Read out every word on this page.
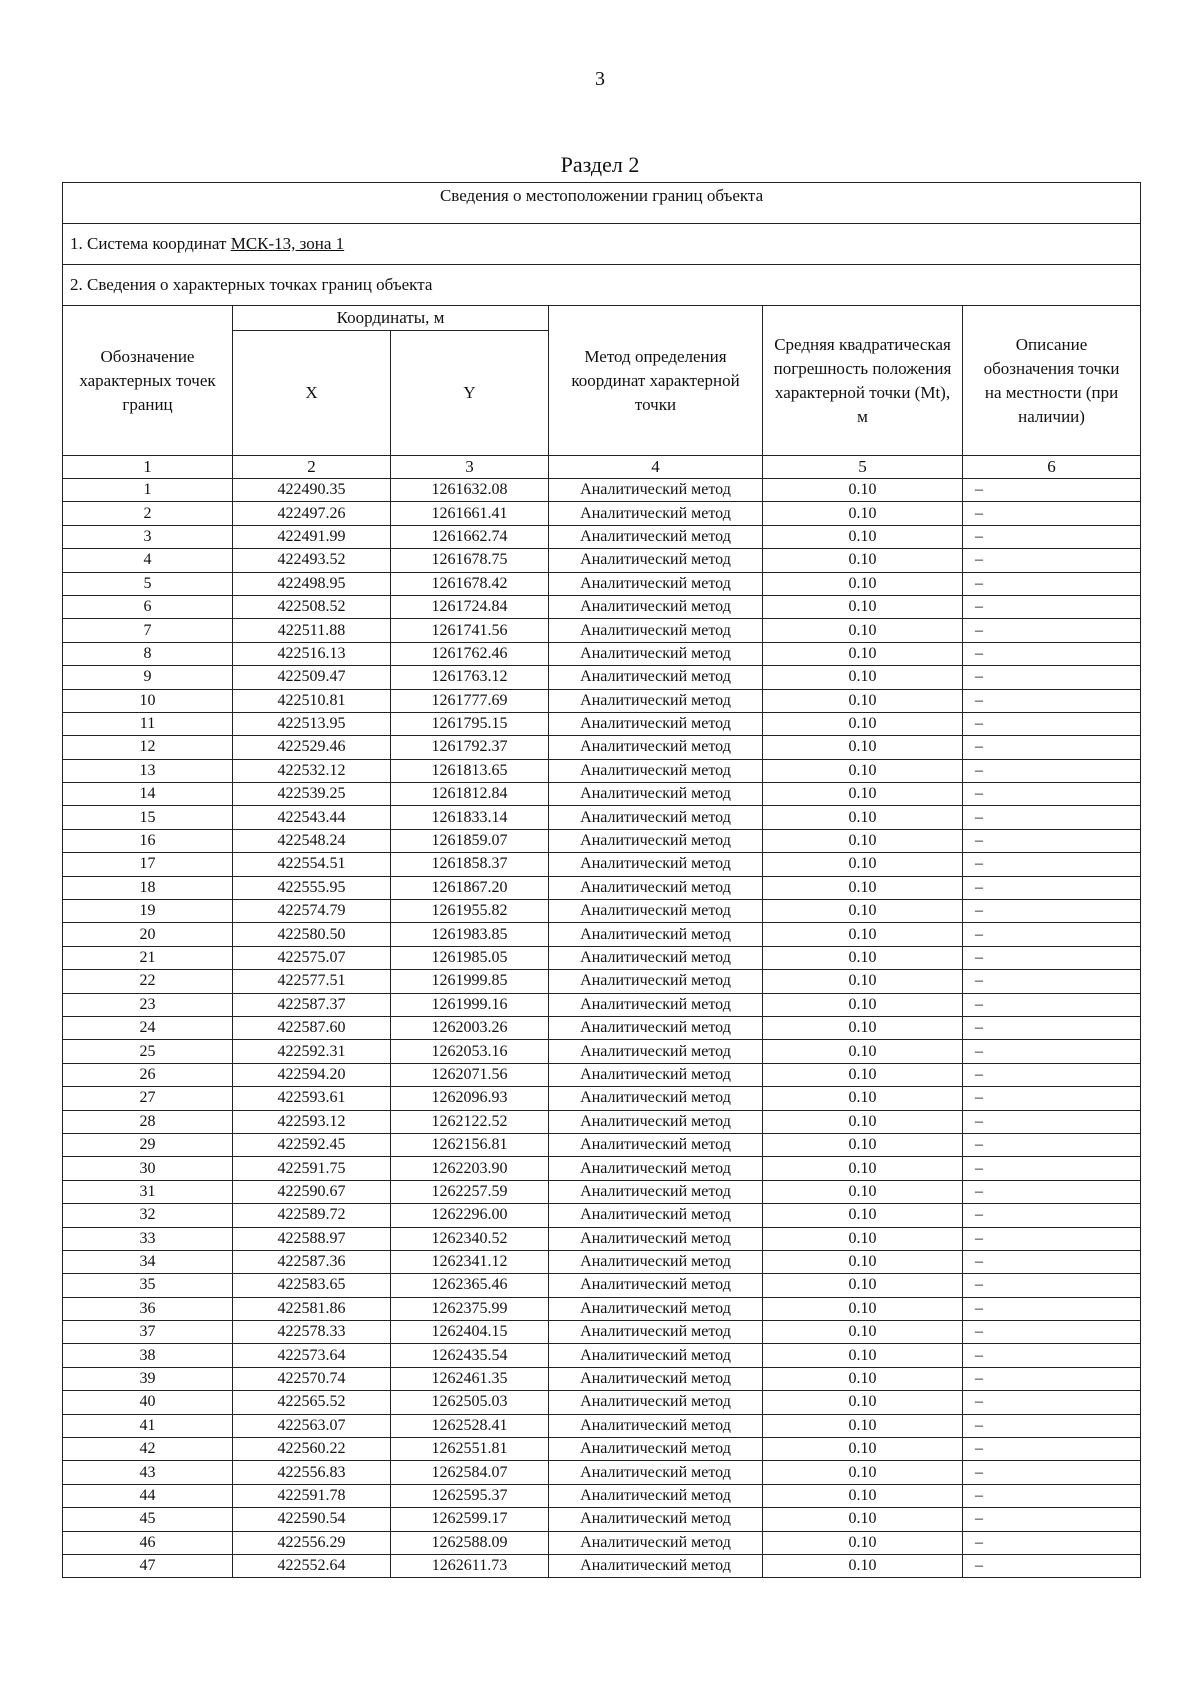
3
Раздел 2
Сведения о местоположении границ объекта					
1. Система координат МСК-13, зона 1					
2. Сведения о характерных точках границ объекта					
Обозначение характерных точек границ	Координаты, м		Метод определения координат характерной точки	Средняя квадратическая погрешность положения характерной точки (Mt), м	Описание обозначения точки на местности (при наличии)
	X	Y			
1	2	3	4	5	6
1	422490.35	1261632.08	Аналитический метод	0.10	–
2	422497.26	1261661.41	Аналитический метод	0.10	–
3	422491.99	1261662.74	Аналитический метод	0.10	–
4	422493.52	1261678.75	Аналитический метод	0.10	–
5	422498.95	1261678.42	Аналитический метод	0.10	–
6	422508.52	1261724.84	Аналитический метод	0.10	–
7	422511.88	1261741.56	Аналитический метод	0.10	–
8	422516.13	1261762.46	Аналитический метод	0.10	–
9	422509.47	1261763.12	Аналитический метод	0.10	–
10	422510.81	1261777.69	Аналитический метод	0.10	–
11	422513.95	1261795.15	Аналитический метод	0.10	–
12	422529.46	1261792.37	Аналитический метод	0.10	–
13	422532.12	1261813.65	Аналитический метод	0.10	–
14	422539.25	1261812.84	Аналитический метод	0.10	–
15	422543.44	1261833.14	Аналитический метод	0.10	–
16	422548.24	1261859.07	Аналитический метод	0.10	–
17	422554.51	1261858.37	Аналитический метод	0.10	–
18	422555.95	1261867.20	Аналитический метод	0.10	–
19	422574.79	1261955.82	Аналитический метод	0.10	–
20	422580.50	1261983.85	Аналитический метод	0.10	–
21	422575.07	1261985.05	Аналитический метод	0.10	–
22	422577.51	1261999.85	Аналитический метод	0.10	–
23	422587.37	1261999.16	Аналитический метод	0.10	–
24	422587.60	1262003.26	Аналитический метод	0.10	–
25	422592.31	1262053.16	Аналитический метод	0.10	–
26	422594.20	1262071.56	Аналитический метод	0.10	–
27	422593.61	1262096.93	Аналитический метод	0.10	–
28	422593.12	1262122.52	Аналитический метод	0.10	–
29	422592.45	1262156.81	Аналитический метод	0.10	–
30	422591.75	1262203.90	Аналитический метод	0.10	–
31	422590.67	1262257.59	Аналитический метод	0.10	–
32	422589.72	1262296.00	Аналитический метод	0.10	–
33	422588.97	1262340.52	Аналитический метод	0.10	–
34	422587.36	1262341.12	Аналитический метод	0.10	–
35	422583.65	1262365.46	Аналитический метод	0.10	–
36	422581.86	1262375.99	Аналитический метод	0.10	–
37	422578.33	1262404.15	Аналитический метод	0.10	–
38	422573.64	1262435.54	Аналитический метод	0.10	–
39	422570.74	1262461.35	Аналитический метод	0.10	–
40	422565.52	1262505.03	Аналитический метод	0.10	–
41	422563.07	1262528.41	Аналитический метод	0.10	–
42	422560.22	1262551.81	Аналитический метод	0.10	–
43	422556.83	1262584.07	Аналитический метод	0.10	–
44	422591.78	1262595.37	Аналитический метод	0.10	–
45	422590.54	1262599.17	Аналитический метод	0.10	–
46	422556.29	1262588.09	Аналитический метод	0.10	–
47	422552.64	1262611.73	Аналитический метод	0.10	–
